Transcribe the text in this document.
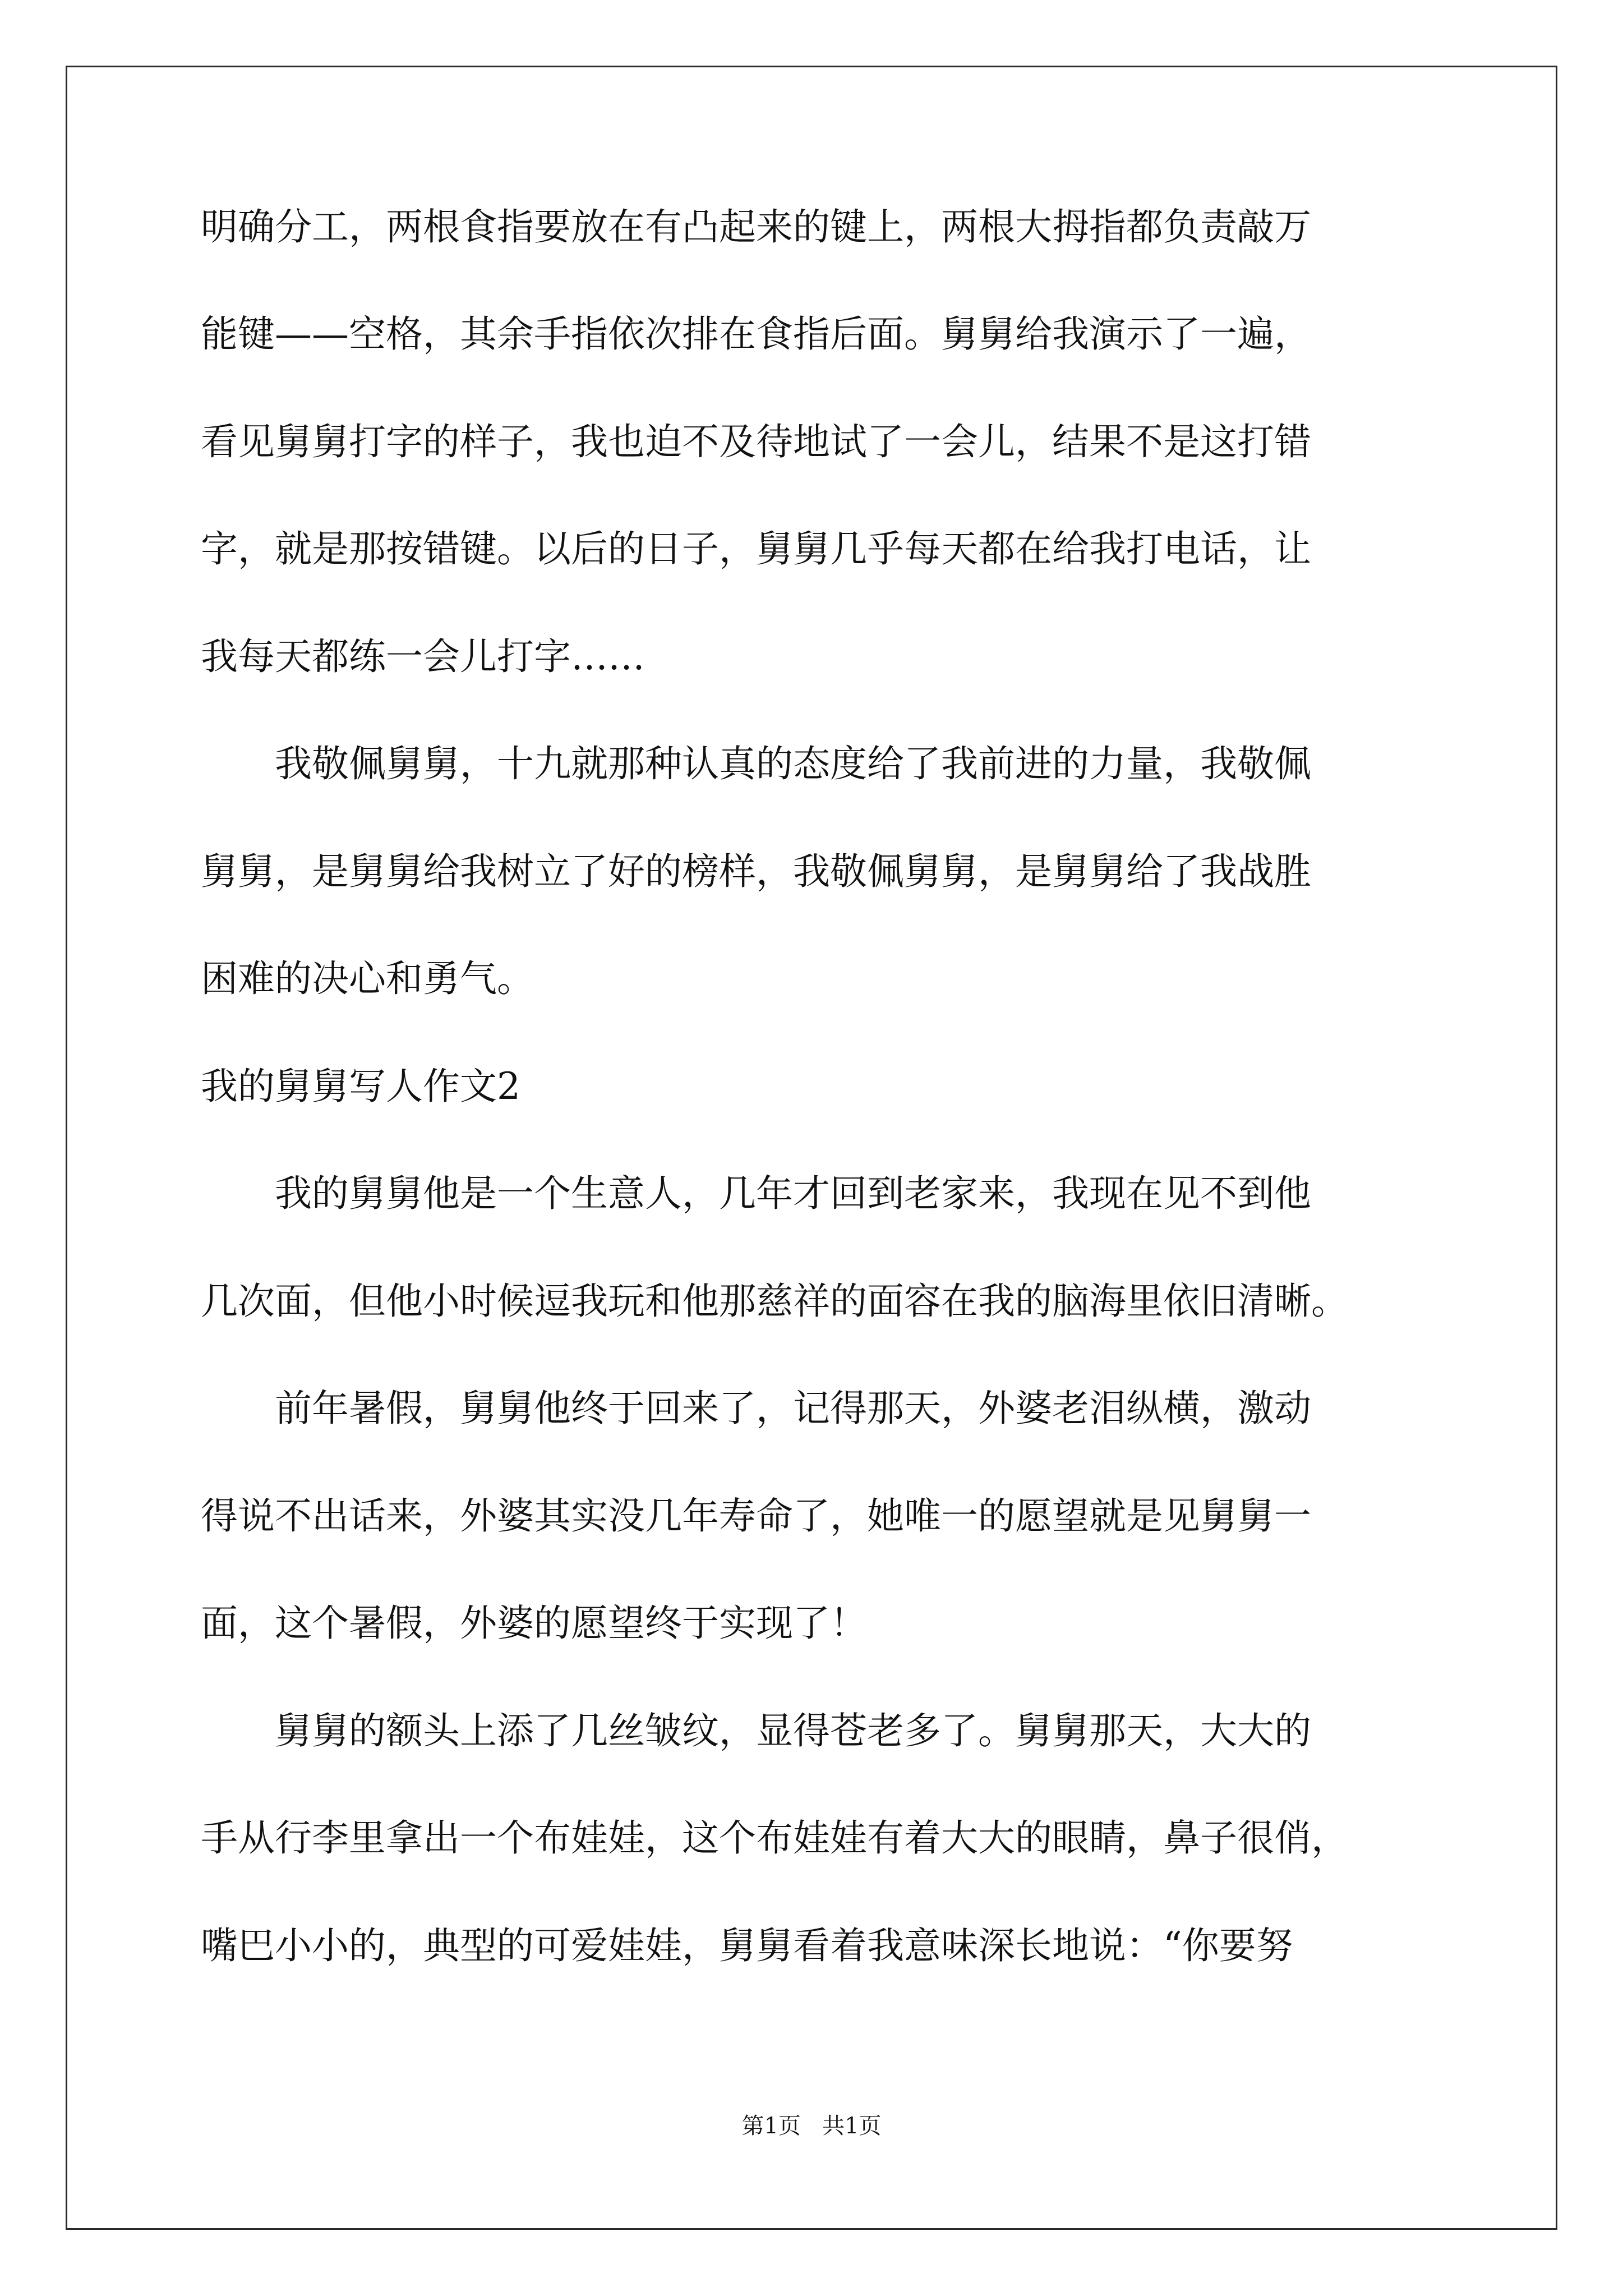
明确分工，两根食指要放在有凸起来的键上，两根大拇指都负责敲万
能键——空格，其余手指依次排在食指后面。舅舅给我演示了一遍，
看见舅舅打字的样子，我也迫不及待地试了一会儿，结果不是这打错
字，就是那按错键。以后的日子，舅舅几乎每天都在给我打电话，让
我每天都练一会儿打字……
　　我敬佩舅舅，十九就那种认真的态度给了我前进的力量，我敬佩
舅舅，是舅舅给我树立了好的榜样，我敬佩舅舅，是舅舅给了我战胜
困难的决心和勇气。
我的舅舅写人作文2
　　我的舅舅他是一个生意人，几年才回到老家来，我现在见不到他
几次面，但他小时候逗我玩和他那慈祥的面容在我的脑海里依旧清晰。
　　前年暑假，舅舅他终于回来了，记得那天，外婆老泪纵横，激动
得说不出话来，外婆其实没几年寿命了，她唯一的愿望就是见舅舅一
面，这个暑假，外婆的愿望终于实现了！
　　舅舅的额头上添了几丝皱纹，显得苍老多了。舅舅那天，大大的
手从行李里拿出一个布娃娃，这个布娃娃有着大大的眼睛，鼻子很俏，
嘴巴小小的，典型的可爱娃娃，舅舅看着我意味深长地说：“你要努
第1页   共1页
